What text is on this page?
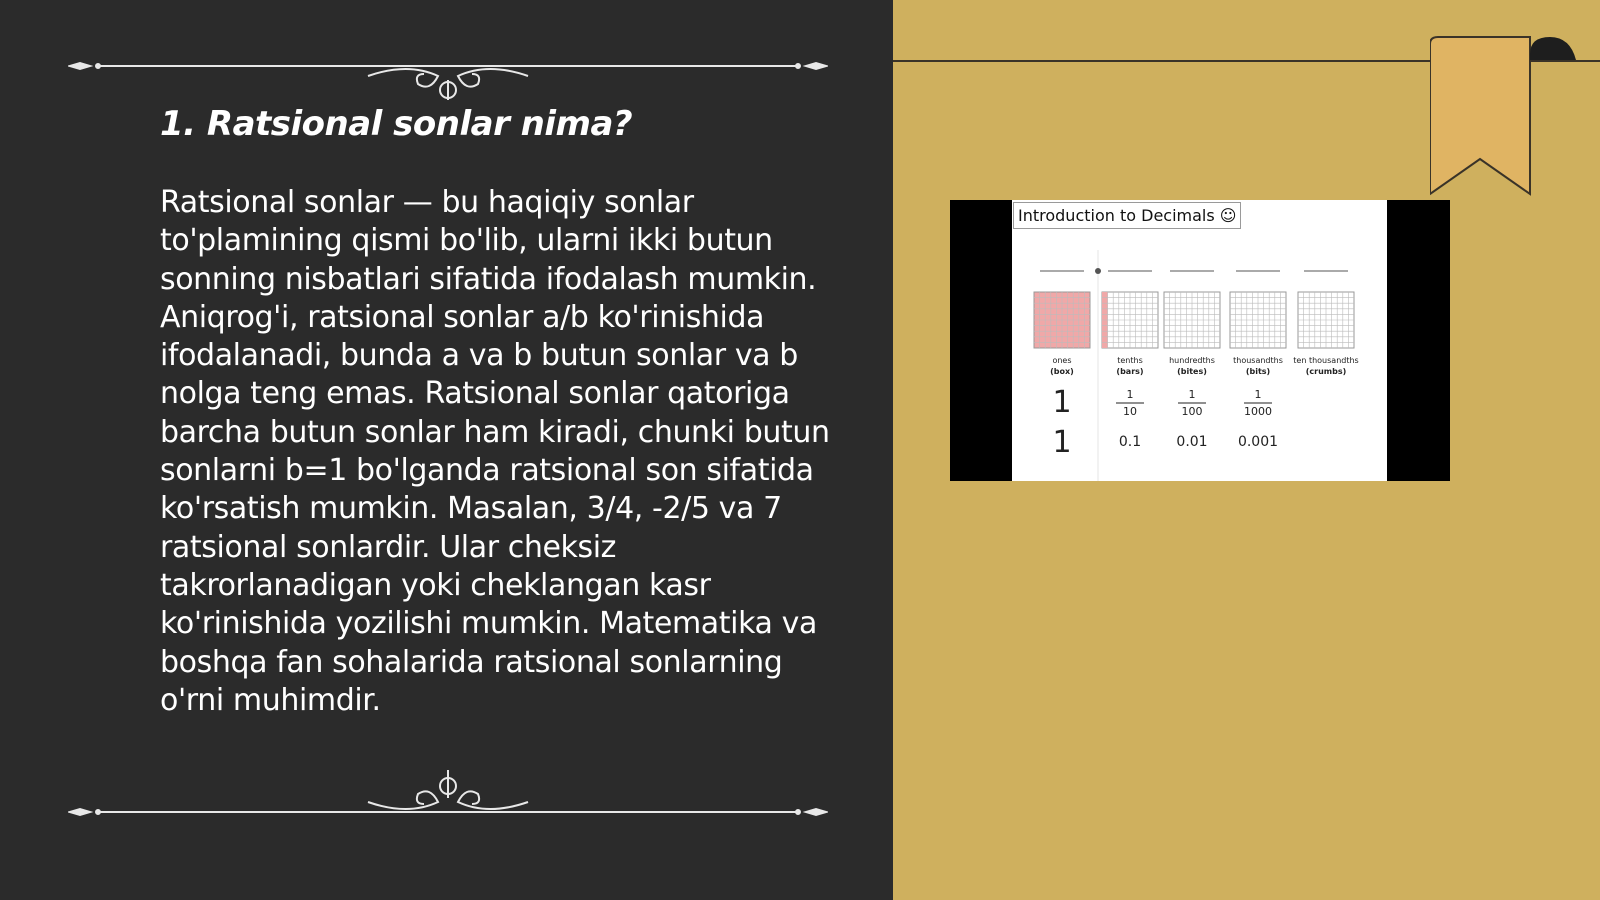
1. Ratsional sonlar nima?

Ratsional sonlar — bu haqiqiy sonlar to'plamining qismi bo'lib, ularni ikki butun sonning nisbatlari sifatida ifodalash mumkin. Aniqrog'i, ratsional sonlar a/b ko'rinishida ifodalanadi, bunda a va b butun sonlar va b nolga teng emas. Ratsional sonlar qatoriga barcha butun sonlar ham kiradi, chunki butun sonlarni b=1 bo'lganda ratsional son sifatida ko'rsatish mumkin. Masalan, 3/4, -2/5 va 7 ratsional sonlardir. Ular cheksiz takrorlanadigan yoki cheklangan kasr ko'rinishida yozilishi mumkin. Matematika va boshqa fan sohalarida ratsional sonlarning o'rni muhimdir.

Introduction to Decimals ☺
ones
(box)
1
1
tenths
(bars)
1
10
0.1
hundredths
(bites)
1
100
0.01
thousandths
(bits)
1
1000
0.001
ten thousandths
(crumbs)
